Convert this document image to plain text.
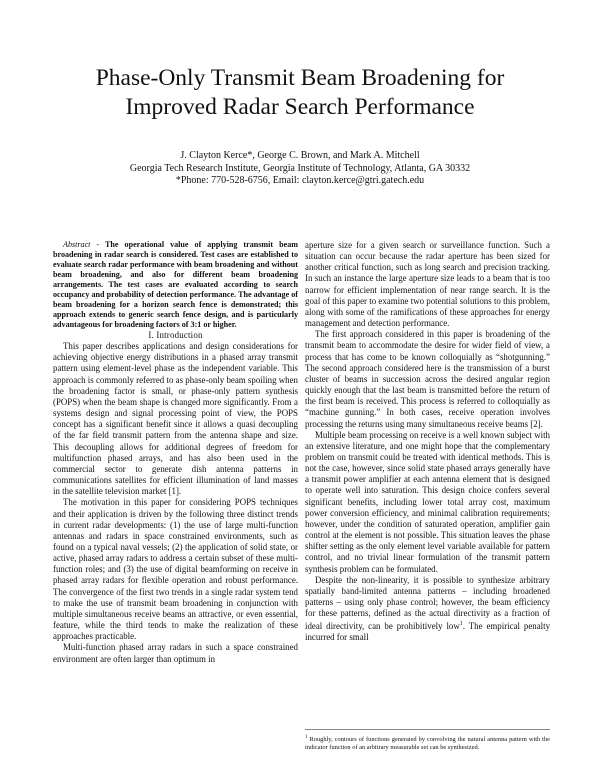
Phase-Only Transmit Beam Broadening for
Improved Radar Search Performance
J. Clayton Kerce*, George C. Brown, and Mark A. Mitchell
Georgia Tech Research Institute, Georgia Institute of Technology, Atlanta, GA 30332
*Phone: 770-528-6756, Email: clayton.kerce@gtri.gatech.edu

Abstract - The operational value of applying transmit beam broadening in radar search is considered. Test cases are established to evaluate search radar performance with beam broadening and without beam broadening, and also for different beam broadening arrangements. The test cases are evaluated according to search occupancy and probability of detection performance. The advantage of beam broadening for a horizon search fence is demonstrated; this approach extends to generic search fence design, and is particularly advantageous for broadening factors of 3:1 or higher.

I. Introduction

This paper describes applications and design considerations for achieving objective energy distributions in a phased array transmit pattern using element-level phase as the independent variable. This approach is commonly referred to as phase-only beam spoiling when the broadening factor is small, or phase-only pattern synthesis (POPS) when the beam shape is changed more significantly. From a systems design and signal processing point of view, the POPS concept has a significant benefit since it allows a quasi decoupling of the far field transmit pattern from the antenna shape and size. This decoupling allows for additional degrees of freedom for multifunction phased arrays, and has also been used in the commercial sector to generate dish antenna patterns in communications satellites for efficient illumination of land masses in the satellite television market [1].

The motivation in this paper for considering POPS techniques and their application is driven by the following three distinct trends in current radar developments: (1) the use of large multi-function antennas and radars in space constrained environments, such as found on a typical naval vessels; (2) the application of solid state, or active, phased array radars to address a certain subset of these multi-function roles; and (3) the use of digital beamforming on receive in phased array radars for flexible operation and robust performance. The convergence of the first two trends in a single radar system tend to make the use of transmit beam broadening in conjunction with multiple simultaneous receive beams an attractive, or even essential, feature, while the third tends to make the realization of these approaches practicable.

Multi-function phased array radars in such a space constrained environment are often larger than optimum in

aperture size for a given search or surveillance function. Such a situation can occur because the radar aperture has been sized for another critical function, such as long search and precision tracking. In such an instance the large aperture size leads to a beam that is too narrow for efficient implementation of near range search. It is the goal of this paper to examine two potential solutions to this problem, along with some of the ramifications of these approaches for energy management and detection performance.

The first approach considered in this paper is broadening of the transmit beam to accommodate the desire for wider field of view, a process that has come to be known colloquially as “shotgunning.” The second approach considered here is the transmission of a burst cluster of beams in succession across the desired angular region quickly enough that the last beam is transmitted before the return of the first beam is received. This process is referred to colloquially as “machine gunning.” In both cases, receive operation involves processing the returns using many simultaneous receive beams [2].

Multiple beam processing on receive is a well known subject with an extensive literature, and one might hope that the complementary problem on transmit could be treated with identical methods. This is not the case, however, since solid state phased arrays generally have a transmit power amplifier at each antenna element that is designed to operate well into saturation. This design choice confers several significant benefits, including lower total array cost, maximum power conversion efficiency, and minimal calibration requirements; however, under the condition of saturated operation, amplifier gain control at the element is not possible. This situation leaves the phase shifter setting as the only element level variable available for pattern control, and no trivial linear formulation of the transmit pattern synthesis problem can be formulated.

Despite the non-linearity, it is possible to synthesize arbitrary spatially band-limited antenna patterns – including broadened patterns – using only phase control; however, the beam efficiency for these patterns, defined as the actual directivity as a fraction of ideal directivity, can be prohibitively low$^1$. The empirical penalty incurred for small

$^1$ Roughly, contours of functions generated by convolving the natural antenna pattern with the indicator function of an arbitrary measurable set can be synthesized.
